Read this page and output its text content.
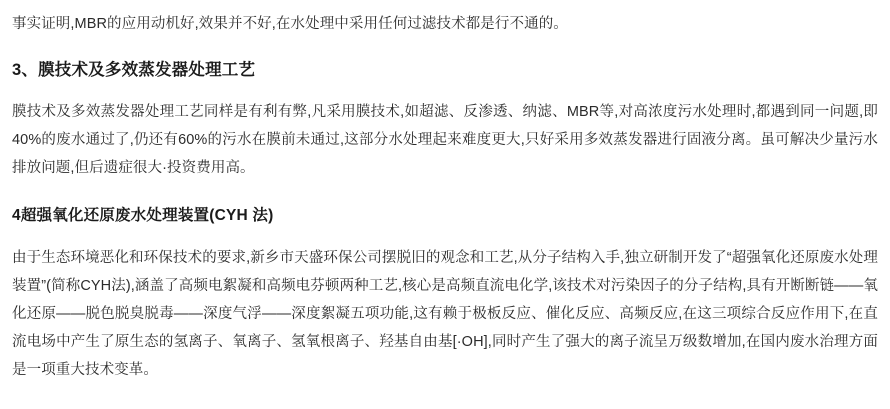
事实证明,MBR的应用动机好,效果并不好,在水处理中采用任何过滤技术都是行不通的。

3、膜技术及多效蒸发器处理工艺

膜技术及多效蒸发器处理工艺同样是有利有弊,凡采用膜技术,如超滤、反渗透、纳滤、MBR等,对高浓度污水处理时,都遇到同一问题,即40%的废水通过了,仍还有60%的污水在膜前未通过,这部分水处理起来难度更大,只好采用多效蒸发器进行固液分离。虽可解决少量污水排放问题,但后遗症很大·投资费用高。

4超强氧化还原废水处理装置(CYH 法)

由于生态环境恶化和环保技术的要求,新乡市天盛环保公司摆脱旧的观念和工艺,从分子结构入手,独立研制开发了“超强氧化还原废水处理装置”(简称CYH法),涵盖了高频电絮凝和高频电芬顿两种工艺,核心是高频直流电化学,该技术对污染因子的分子结构,具有开断断链——氧化还原——脱色脱臭脱毒——深度气浮——深度絮凝五项功能,这有赖于极板反应、催化反应、高频反应,在这三项综合反应作用下,在直流电场中产生了原生态的氢离子、氧离子、氢氧根离子、羟基自由基[·OH],同时产生了强大的离子流呈万级数增加,在国内废水治理方面是一项重大技术变革。
